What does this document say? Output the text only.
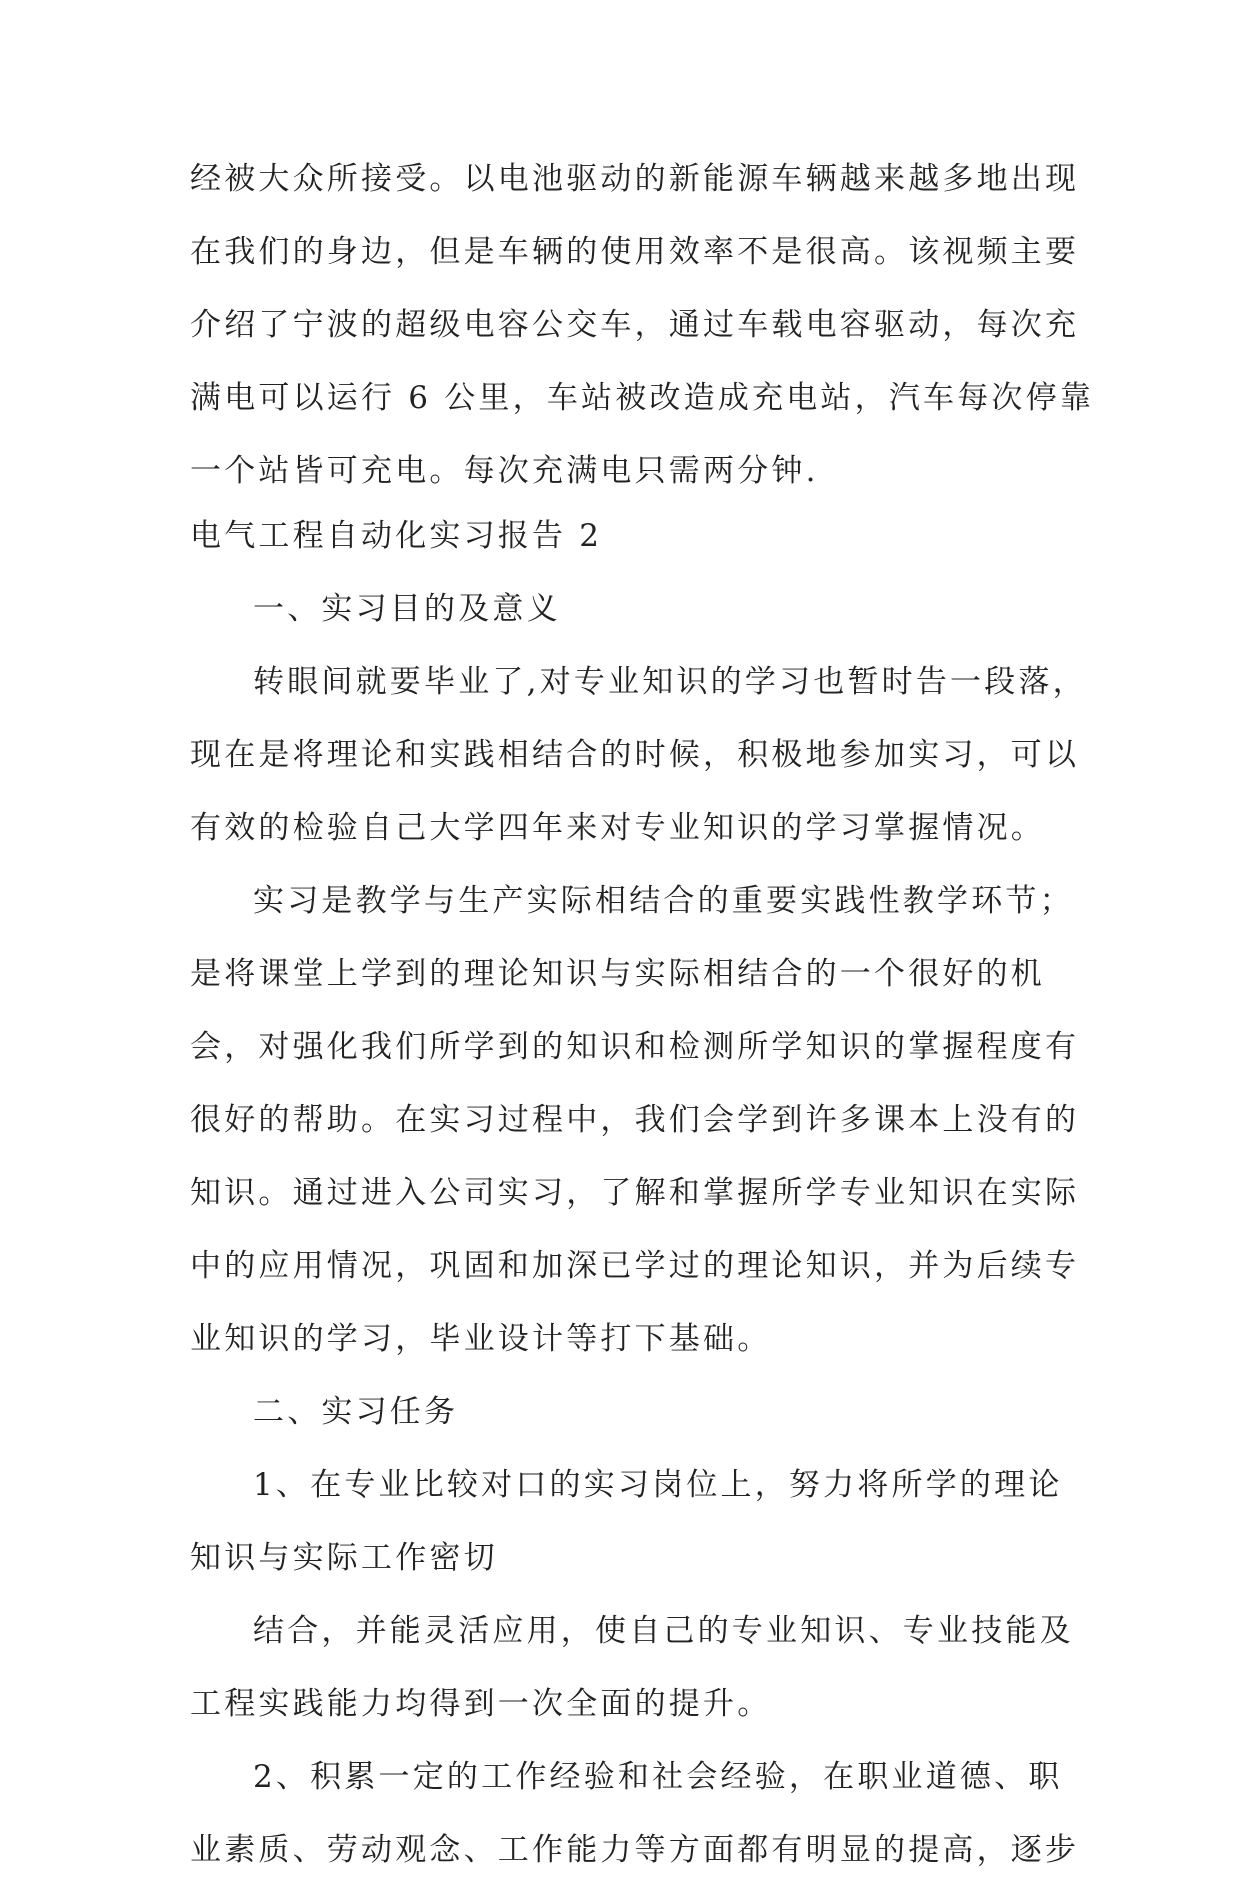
经被大众所接受。以电池驱动的新能源车辆越来越多地出现
在我们的身边，但是车辆的使用效率不是很高。该视频主要
介绍了宁波的超级电容公交车，通过车载电容驱动，每次充
满电可以运行 6 公里，车站被改造成充电站，汽车每次停靠
一个站皆可充电。每次充满电只需两分钟.
电气工程自动化实习报告 2
一、实习目的及意义
转眼间就要毕业了,对专业知识的学习也暂时告一段落，
现在是将理论和实践相结合的时候，积极地参加实习，可以
有效的检验自己大学四年来对专业知识的学习掌握情况。
实习是教学与生产实际相结合的重要实践性教学环节；
是将课堂上学到的理论知识与实际相结合的一个很好的机
会，对强化我们所学到的知识和检测所学知识的掌握程度有
很好的帮助。在实习过程中，我们会学到许多课本上没有的
知识。通过进入公司实习，了解和掌握所学专业知识在实际
中的应用情况，巩固和加深已学过的理论知识，并为后续专
业知识的学习，毕业设计等打下基础。
二、实习任务
1、在专业比较对口的实习岗位上，努力将所学的理论
知识与实际工作密切
结合，并能灵活应用，使自己的专业知识、专业技能及
工程实践能力均得到一次全面的提升。
2、积累一定的工作经验和社会经验，在职业道德、职
业素质、劳动观念、工作能力等方面都有明显的提高，逐步
